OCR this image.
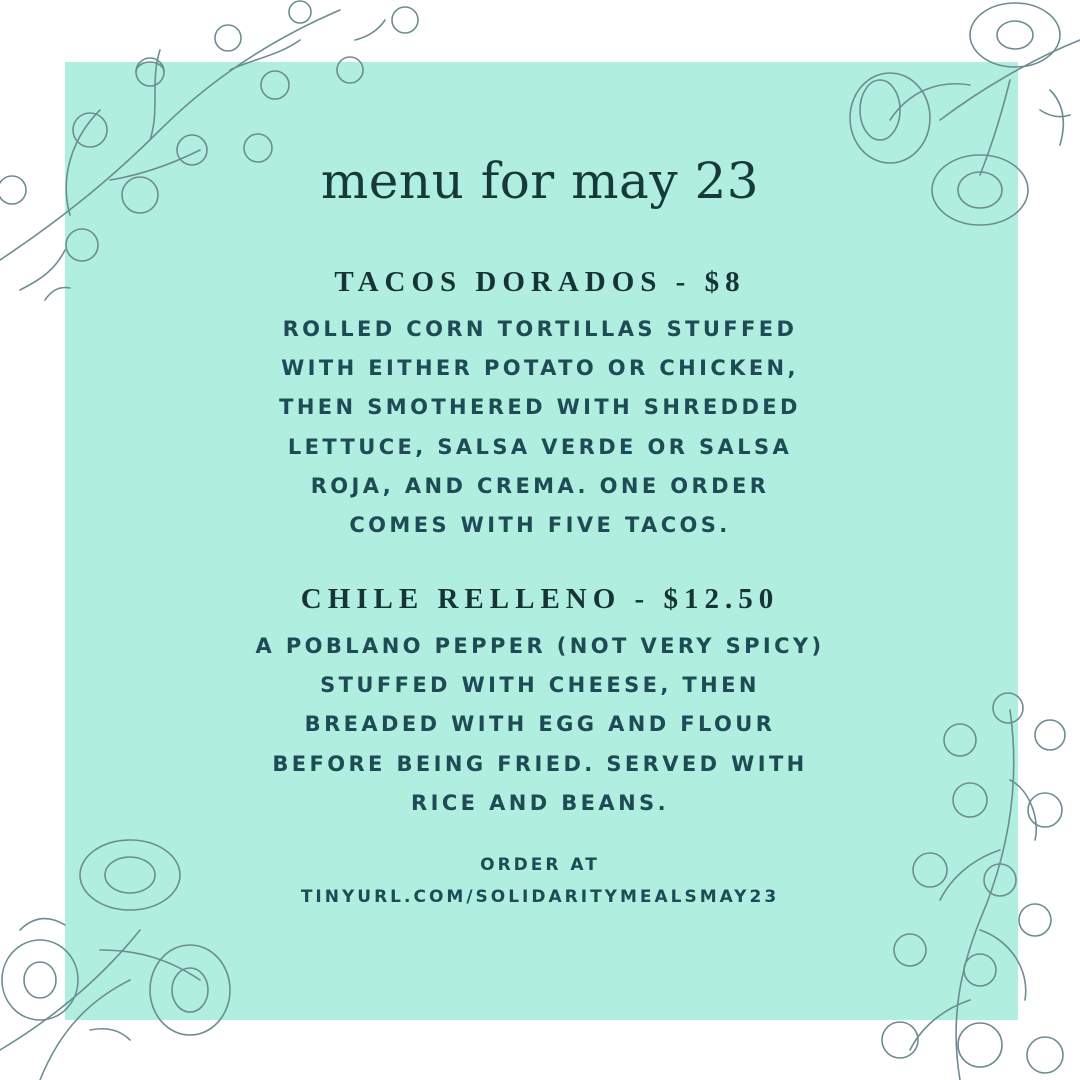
menu for may 23
TACOS DORADOS - $8
ROLLED CORN TORTILLAS STUFFED
WITH EITHER POTATO OR CHICKEN,
THEN SMOTHERED WITH SHREDDED
LETTUCE, SALSA VERDE OR SALSA
ROJA, AND CREMA. ONE ORDER
COMES WITH FIVE TACOS.
CHILE RELLENO - $12.50
A POBLANO PEPPER (NOT VERY SPICY)
STUFFED WITH CHEESE, THEN
BREADED WITH EGG AND FLOUR
BEFORE BEING FRIED. SERVED WITH
RICE AND BEANS.
ORDER AT
TINYURL.COM/SOLIDARITYMEALSMAY23
